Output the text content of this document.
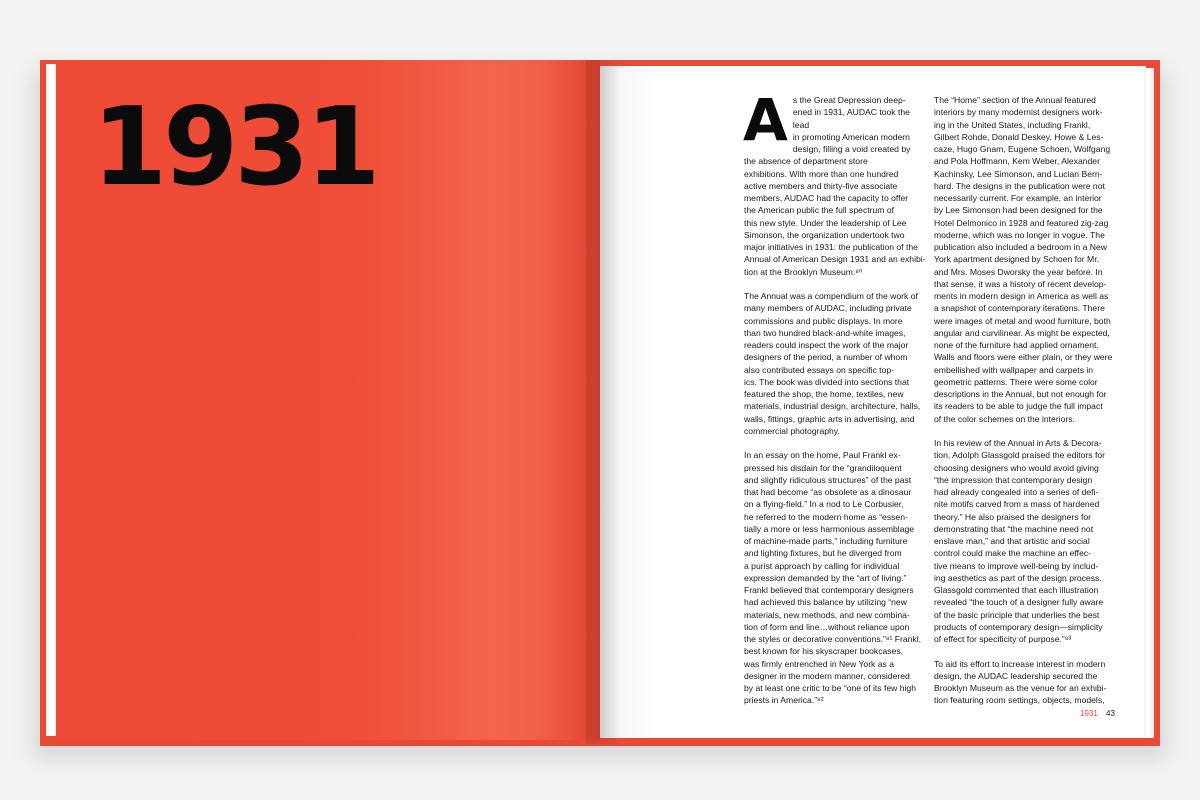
1931	As the Great Depression deep-
ened in 1931, AUDAC took the lead
in promoting American modern
design, filling a void created by
the absence of department store
exhibitions. With more than one hundred
active members and thirty-five associate
members, AUDAC had the capacity to offer
the American public the full spectrum of
this new style. Under the leadership of Lee
Simonson, the organization undertook two
major initiatives in 1931: the publication of the
Annual of American Design 1931 and an exhibi-
tion at the Brooklyn Museum.⁸⁰

The Annual was a compendium of the work of
many members of AUDAC, including private
commissions and public displays. In more
than two hundred black-and-white images,
readers could inspect the work of the major
designers of the period, a number of whom
also contributed essays on specific top-
ics. The book was divided into sections that
featured the shop, the home, textiles, new
materials, industrial design, architecture, halls,
walls, fittings, graphic arts in advertising, and
commercial photography.

In an essay on the home, Paul Frankl ex-
pressed his disdain for the “grandiloquent
and slightly ridiculous structures” of the past
that had become “as obsolete as a dinosaur
on a flying-field.” In a nod to Le Corbusier,
he referred to the modern home as “essen-
tially a more or less harmonious assemblage
of machine-made parts,” including furniture
and lighting fixtures, but he diverged from
a purist approach by calling for individual
expression demanded by the “art of living.”
Frankl believed that contemporary designers
had achieved this balance by utilizing “new
materials, new methods, and new combina-
tion of form and line…without reliance upon
the styles or decorative conventions.”⁸¹ Frankl,
best known for his skyscraper bookcases,
was firmly entrenched in New York as a
designer in the modern manner, considered
by at least one critic to be “one of its few high
priests in America.”⁸²

The “Home” section of the Annual featured
interiors by many modernist designers work-
ing in the United States, including Frankl,
Gilbert Rohde, Donald Deskey, Howe & Les-
caze, Hugo Gnam, Eugene Schoen, Wolfgang
and Pola Hoffmann, Kem Weber, Alexander
Kachinsky, Lee Simonson, and Lucian Bern-
hard. The designs in the publication were not
necessarily current. For example, an interior
by Lee Simonson had been designed for the
Hotel Delmonico in 1928 and featured zig-zag
moderne, which was no longer in vogue. The
publication also included a bedroom in a New
York apartment designed by Schoen for Mr.
and Mrs. Moses Dworsky the year before. In
that sense, it was a history of recent develop-
ments in modern design in America as well as
a snapshot of contemporary iterations. There
were images of metal and wood furniture, both
angular and curvilinear. As might be expected,
none of the furniture had applied ornament.
Walls and floors were either plain, or they were
embellished with wallpaper and carpets in
geometric patterns. There were some color
descriptions in the Annual, but not enough for
its readers to be able to judge the full impact
of the color schemes on the interiors.

In his review of the Annual in Arts & Decora-
tion, Adolph Glassgold praised the editors for
choosing designers who would avoid giving
“the impression that contemporary design
had already congealed into a series of defi-
nite motifs carved from a mass of hardened
theory.” He also praised the designers for
demonstrating that “the machine need not
enslave man,” and that artistic and social
control could make the machine an effec-
tive means to improve well-being by includ-
ing aesthetics as part of the design process.
Glassgold commented that each illustration
revealed “the touch of a designer fully aware
of the basic principle that underlies the best
products of contemporary design—simplicity
of effect for specificity of purpose.”⁸³

To aid its effort to increase interest in modern
design, the AUDAC leadership secured the
Brooklyn Museum as the venue for an exhibi-
tion featuring room settings, objects, models,

1931 43
